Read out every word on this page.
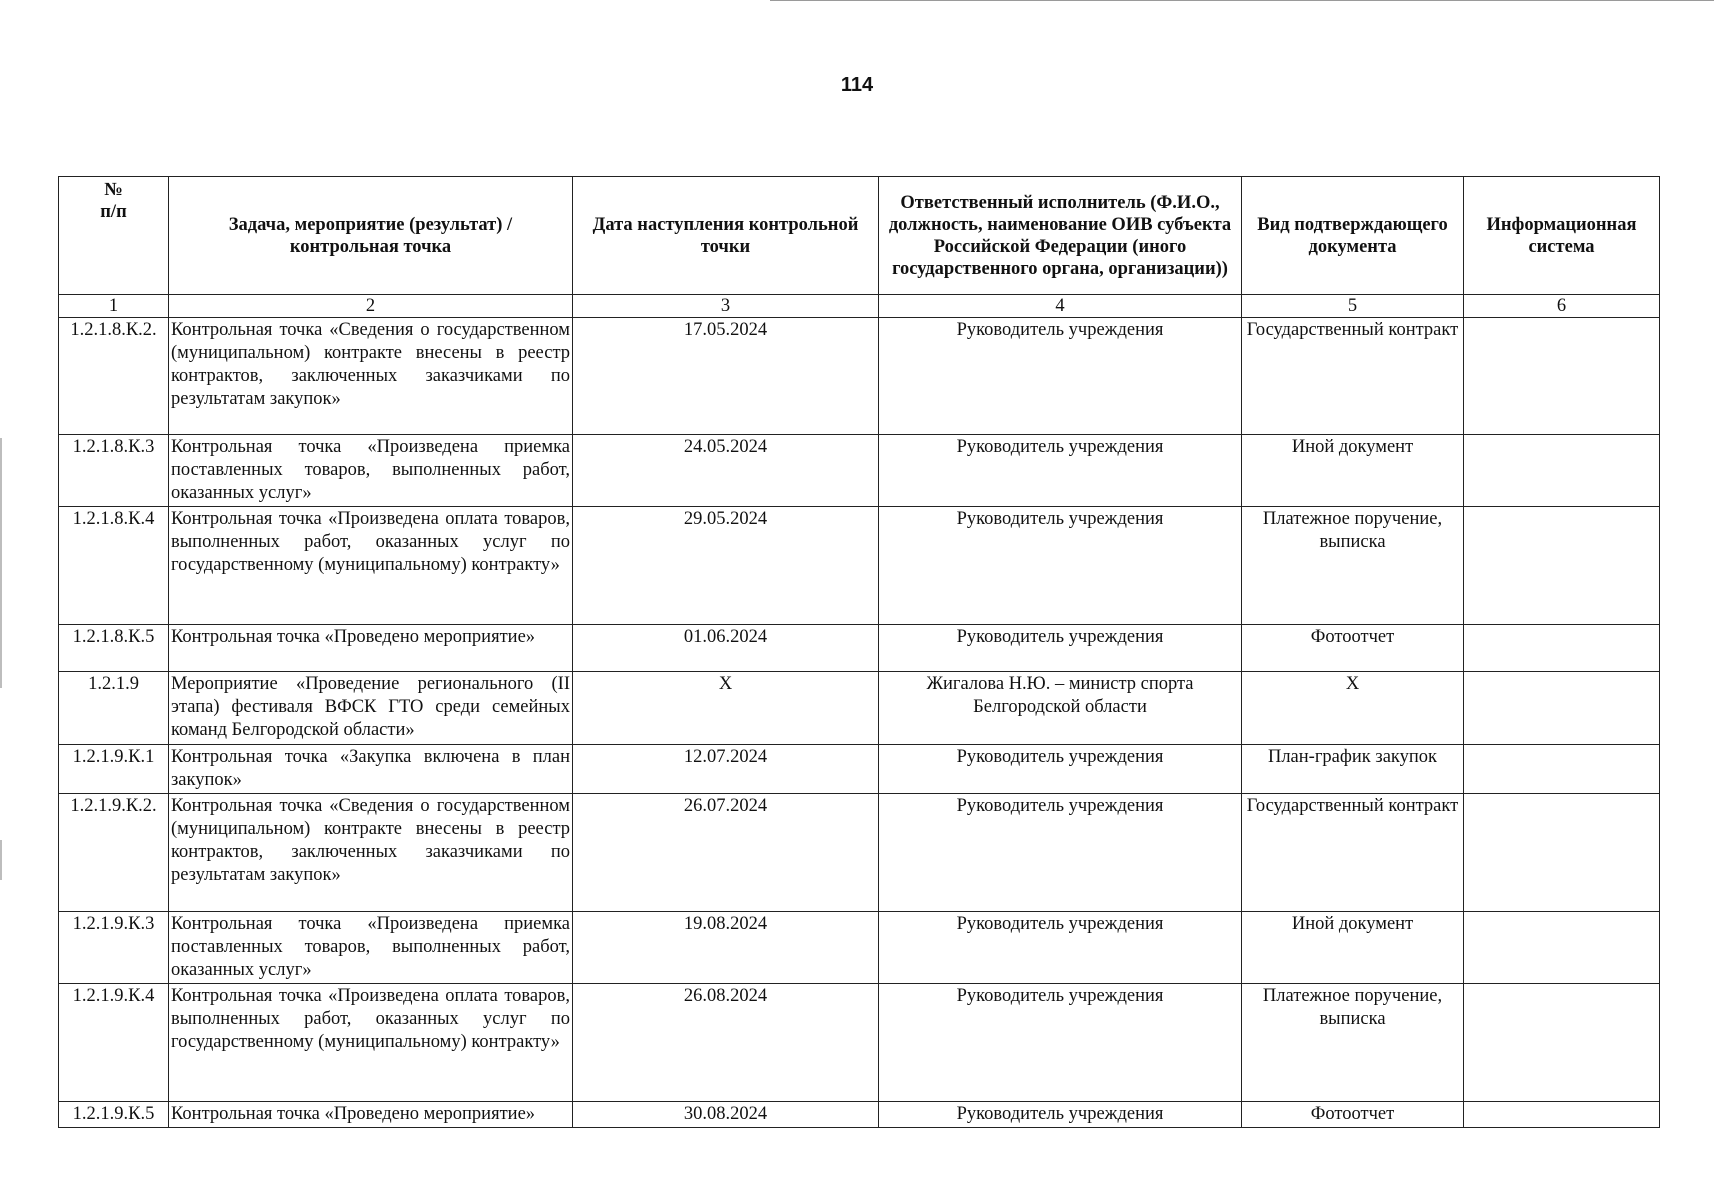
114
№
п/п	Задача, мероприятие (результат) / контрольная точка	Дата наступления контрольной точки	Ответственный исполнитель (Ф.И.О., должность, наименование ОИВ субъекта Российской Федерации (иного государственного органа, организации))	Вид подтверждающего документа	Информационная система
1	2	3	4	5	6
1.2.1.8.К.2.	Контрольная точка «Сведения о государственном (муниципальном) контракте внесены в реестр контрактов, заключенных заказчиками по результатам закупок»	17.05.2024	Руководитель учреждения	Государственный контракт	
1.2.1.8.К.3	Контрольная точка «Произведена приемка поставленных товаров, выполненных работ, оказанных услуг»	24.05.2024	Руководитель учреждения	Иной документ	
1.2.1.8.К.4	Контрольная точка «Произведена оплата товаров, выполненных работ, оказанных услуг по государственному (муниципальному) контракту»	29.05.2024	Руководитель учреждения	Платежное поручение, выписка	
1.2.1.8.К.5	Контрольная точка «Проведено мероприятие»	01.06.2024	Руководитель учреждения	Фотоотчет	
1.2.1.9	Мероприятие «Проведение регионального (II этапа) фестиваля ВФСК ГТО среди семейных команд Белгородской области»	Х	Жигалова Н.Ю. – министр спорта Белгородской области	Х	
1.2.1.9.К.1	Контрольная точка «Закупка включена в план закупок»	12.07.2024	Руководитель учреждения	План-график закупок	
1.2.1.9.К.2.	Контрольная точка «Сведения о государственном (муниципальном) контракте внесены в реестр контрактов, заключенных заказчиками по результатам закупок»	26.07.2024	Руководитель учреждения	Государственный контракт	
1.2.1.9.К.3	Контрольная точка «Произведена приемка поставленных товаров, выполненных работ, оказанных услуг»	19.08.2024	Руководитель учреждения	Иной документ	
1.2.1.9.К.4	Контрольная точка «Произведена оплата товаров, выполненных работ, оказанных услуг по государственному (муниципальному) контракту»	26.08.2024	Руководитель учреждения	Платежное поручение, выписка	
1.2.1.9.К.5	Контрольная точка «Проведено мероприятие»	30.08.2024	Руководитель учреждения	Фотоотчет	
